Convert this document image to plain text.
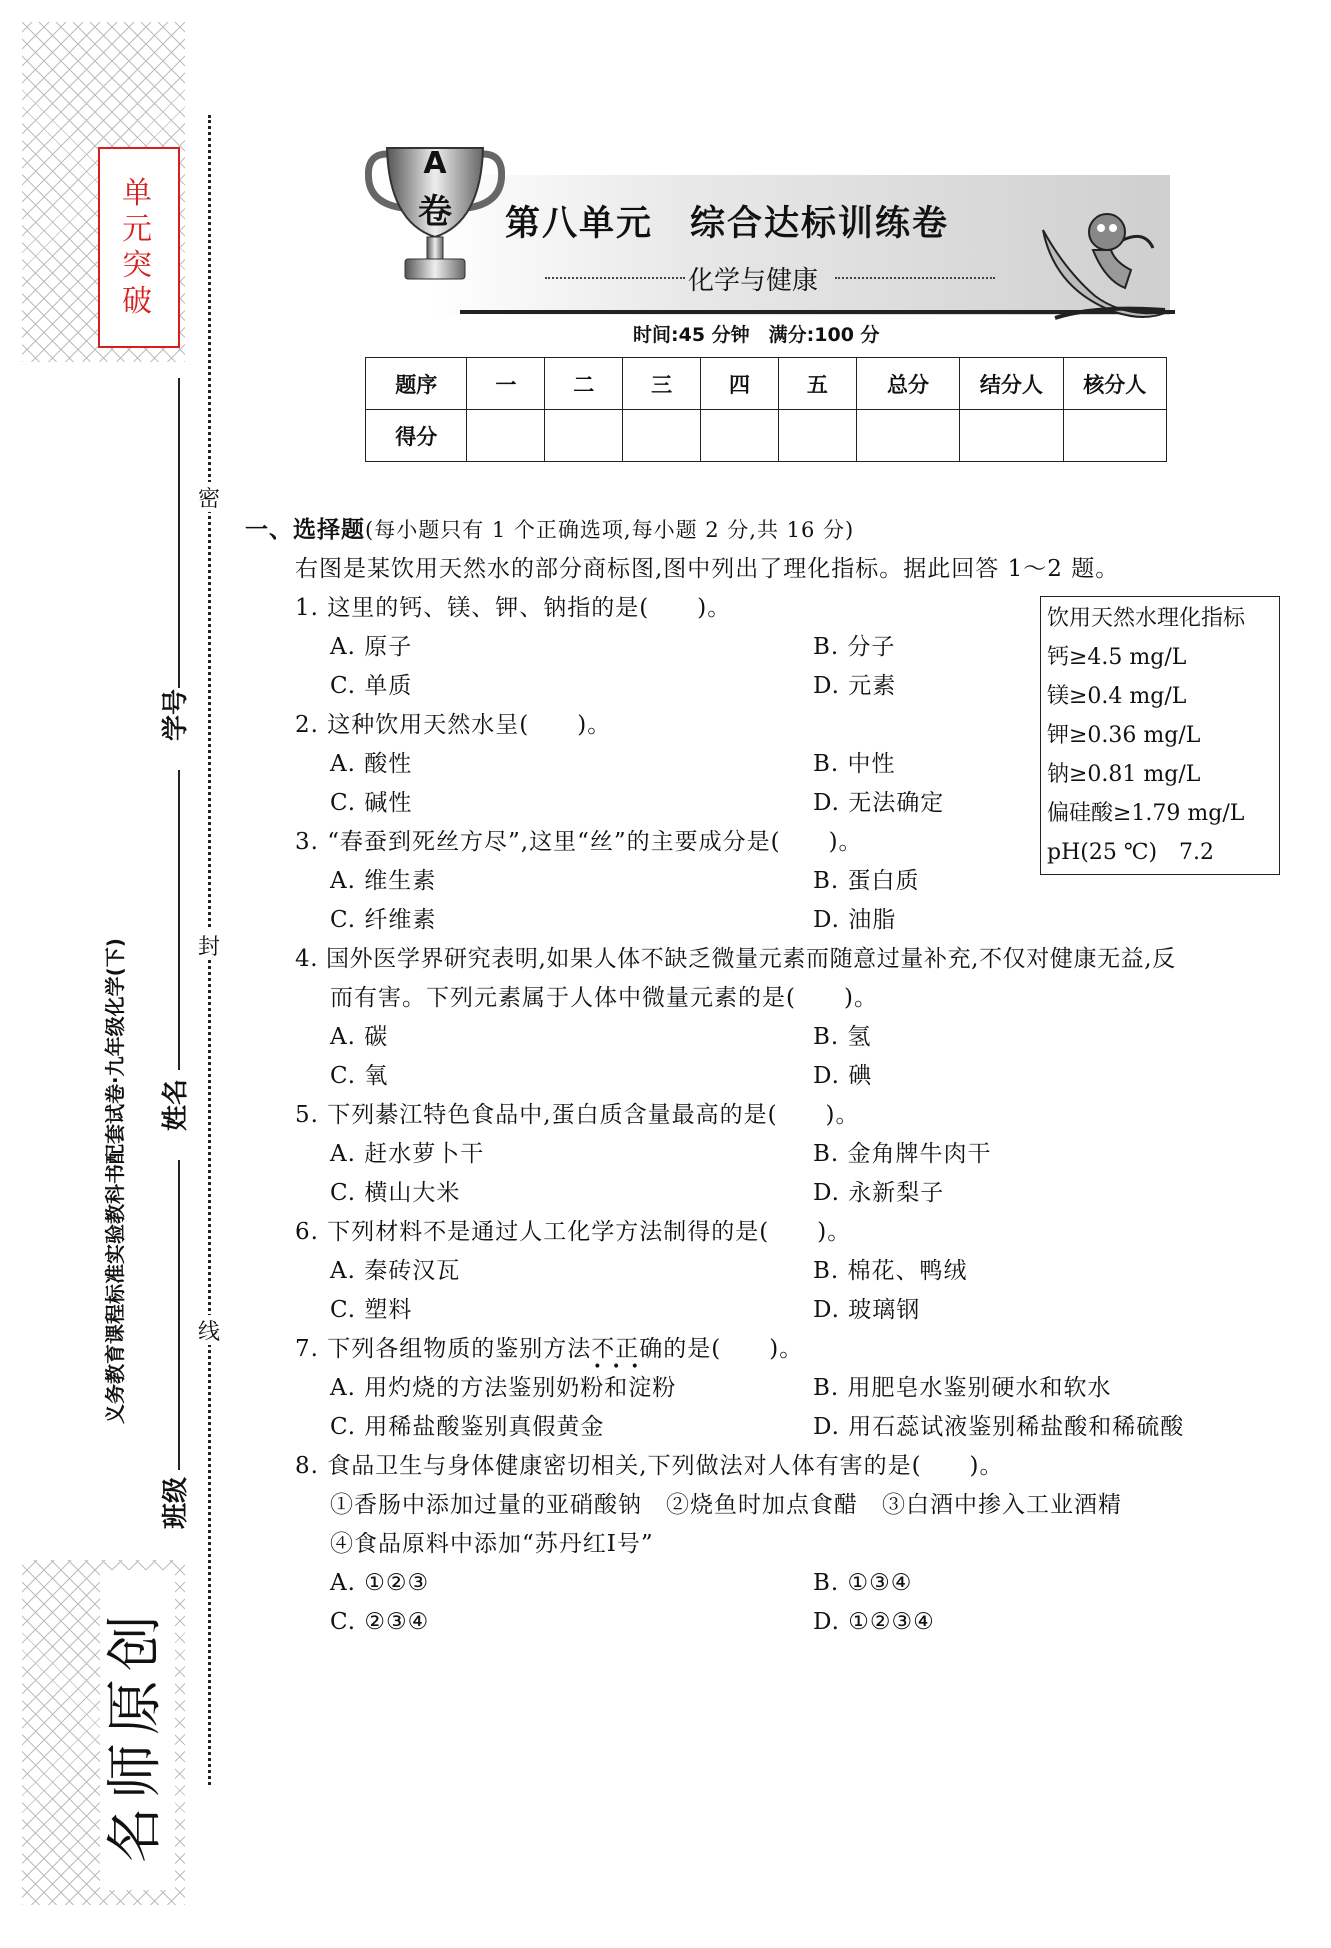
单元突破
名师原创
义务教育课程标准实验教科书配套试卷·九年级化学(下)
学号
姓名
班级
密
封
线
A
卷 第八单元　综合达标训练卷
化学与健康
时间:45 分钟　满分:100 分
题序	一	二	三	四	五	总分	结分人	核分人
得分								
一、选择题(每小题只有 1 个正确选项,每小题 2 分,共 16 分)
右图是某饮用天然水的部分商标图,图中列出了理化指标。据此回答 1～2 题。
饮用天然水理化指标
钙≥4.5 mg/L
镁≥0.4 mg/L
钾≥0.36 mg/L
钠≥0.81 mg/L
偏硅酸≥1.79 mg/L
pH(25 ℃)　7.2
1. 这里的钙、镁、钾、钠指的是(　　)。
A. 原子	B. 分子
C. 单质	D. 元素
2. 这种饮用天然水呈(　　)。
A. 酸性	B. 中性
C. 碱性	D. 无法确定
3. “春蚕到死丝方尽”,这里“丝”的主要成分是(　　)。
A. 维生素	B. 蛋白质
C. 纤维素	D. 油脂
4. 国外医学界研究表明,如果人体不缺乏微量元素而随意过量补充,不仅对健康无益,反
而有害。下列元素属于人体中微量元素的是(　　)。
A. 碳	B. 氢
C. 氧	D. 碘
5. 下列綦江特色食品中,蛋白质含量最高的是(　　)。
A. 赶水萝卜干	B. 金角牌牛肉干
C. 横山大米	D. 永新梨子
6. 下列材料不是通过人工化学方法制得的是(　　)。
A. 秦砖汉瓦	B. 棉花、鸭绒
C. 塑料	D. 玻璃钢
7. 下列各组物质的鉴别方法不正确 • • •的是(　　)。
A. 用灼烧的方法鉴别奶粉和淀粉	B. 用肥皂水鉴别硬水和软水
C. 用稀盐酸鉴别真假黄金	D. 用石蕊试液鉴别稀盐酸和稀硫酸
8. 食品卫生与身体健康密切相关,下列做法对人体有害的是(　　)。
①香肠中添加过量的亚硝酸钠　②烧鱼时加点食醋　③白酒中掺入工业酒精
④食品原料中添加“苏丹红Ⅰ号”
A. ①②③	B. ①③④
C. ②③④	D. ①②③④
